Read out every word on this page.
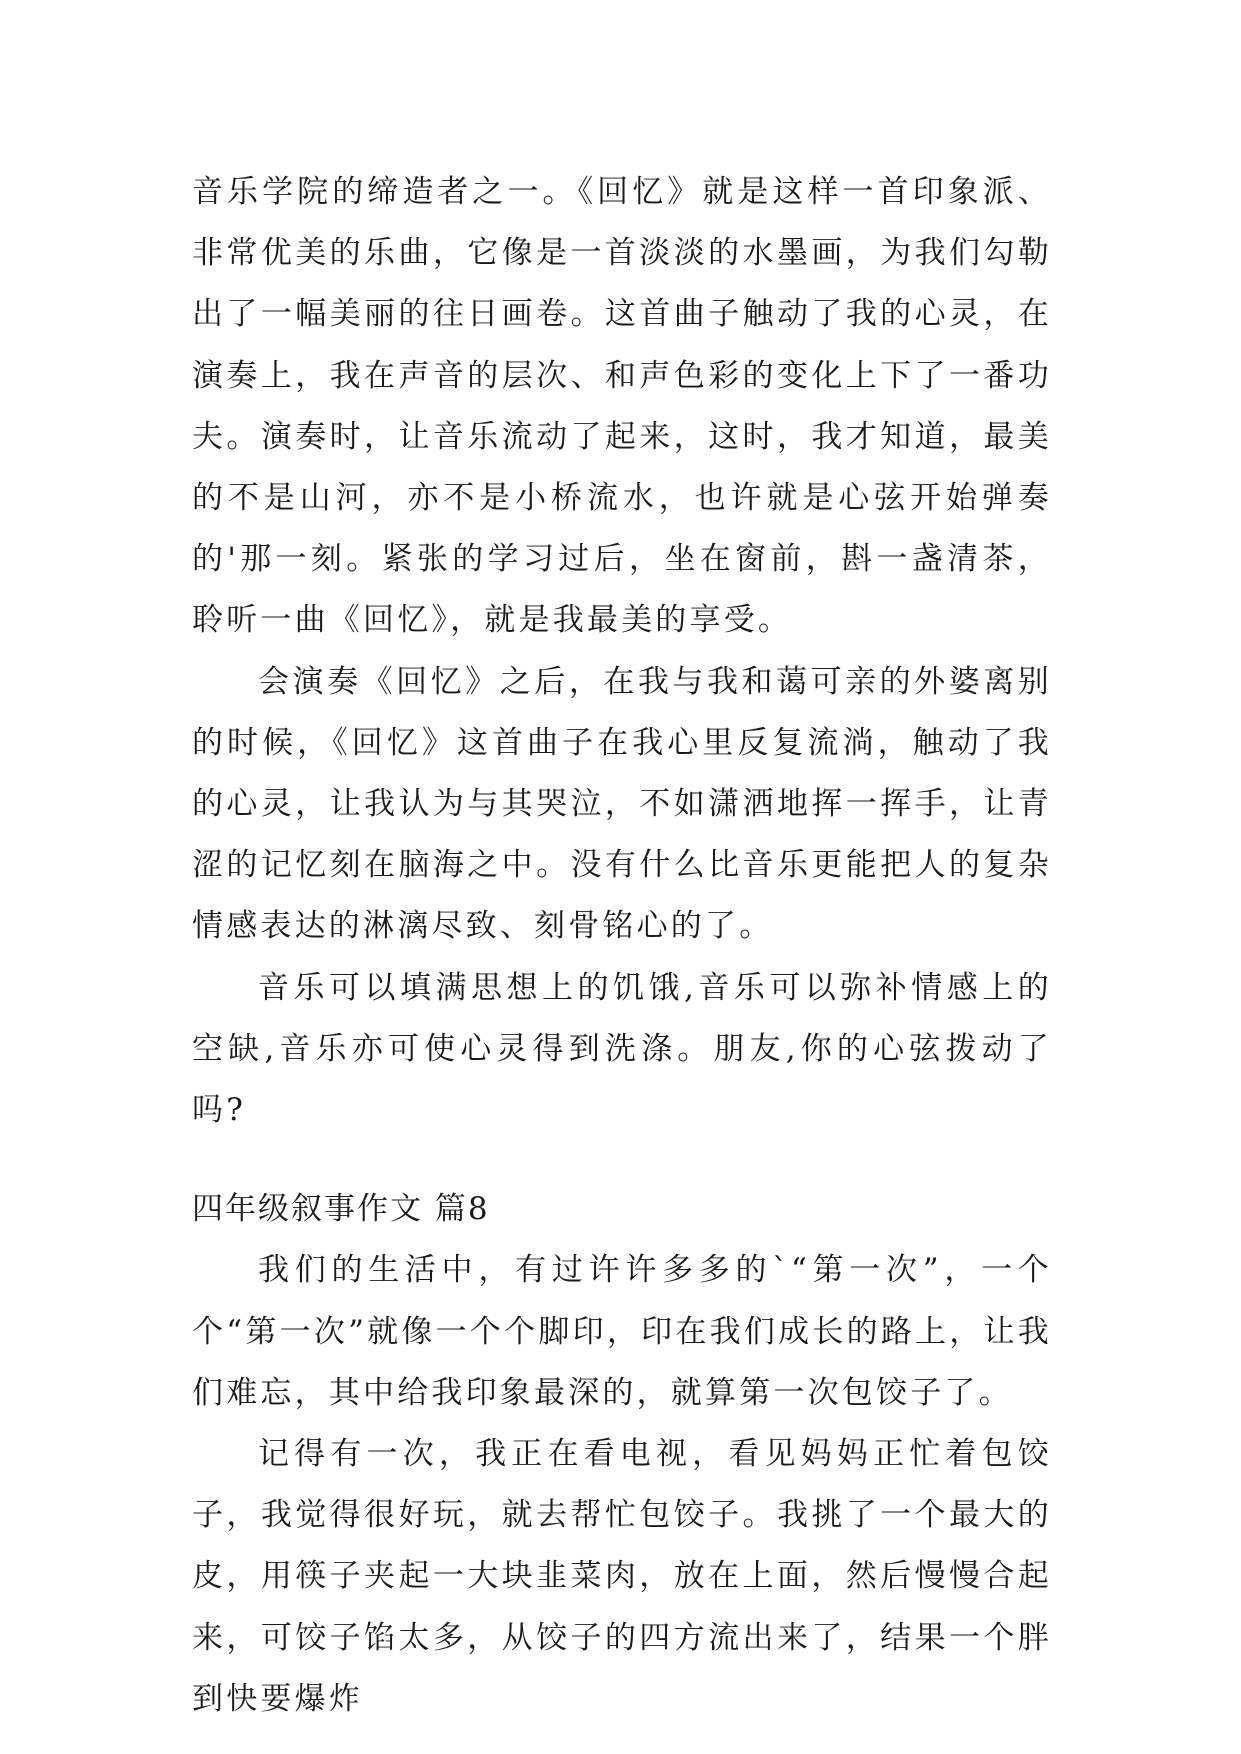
音乐学院的缔造者之一。《回忆》就是这样一首印象派、非常优美的乐曲，它像是一首淡淡的水墨画，为我们勾勒出了一幅美丽的往日画卷。这首曲子触动了我的心灵，在演奏上，我在声音的层次、和声色彩的变化上下了一番功夫。演奏时，让音乐流动了起来，这时，我才知道，最美的不是山河，亦不是小桥流水，也许就是心弦开始弹奏的'那一刻。紧张的学习过后，坐在窗前，斟一盏清茶，聆听一曲《回忆》，就是我最美的享受。

会演奏《回忆》之后，在我与我和蔼可亲的外婆离别的时候，《回忆》这首曲子在我心里反复流淌，触动了我的心灵，让我认为与其哭泣，不如潇洒地挥一挥手，让青涩的记忆刻在脑海之中。没有什么比音乐更能把人的复杂情感表达的淋漓尽致、刻骨铭心的了。

音乐可以填满思想上的饥饿,音乐可以弥补情感上的空缺,音乐亦可使心灵得到洗涤。朋友,你的心弦拨动了吗?

四年级叙事作文 篇8

我们的生活中，有过许许多多的`“第一次”，一个个“第一次”就像一个个脚印，印在我们成长的路上，让我们难忘，其中给我印象最深的，就算第一次包饺子了。

记得有一次，我正在看电视，看见妈妈正忙着包饺子，我觉得很好玩，就去帮忙包饺子。我挑了一个最大的皮，用筷子夹起一大块韭菜肉，放在上面，然后慢慢合起来，可饺子馅太多，从饺子的四方流出来了，结果一个胖到快要爆炸
